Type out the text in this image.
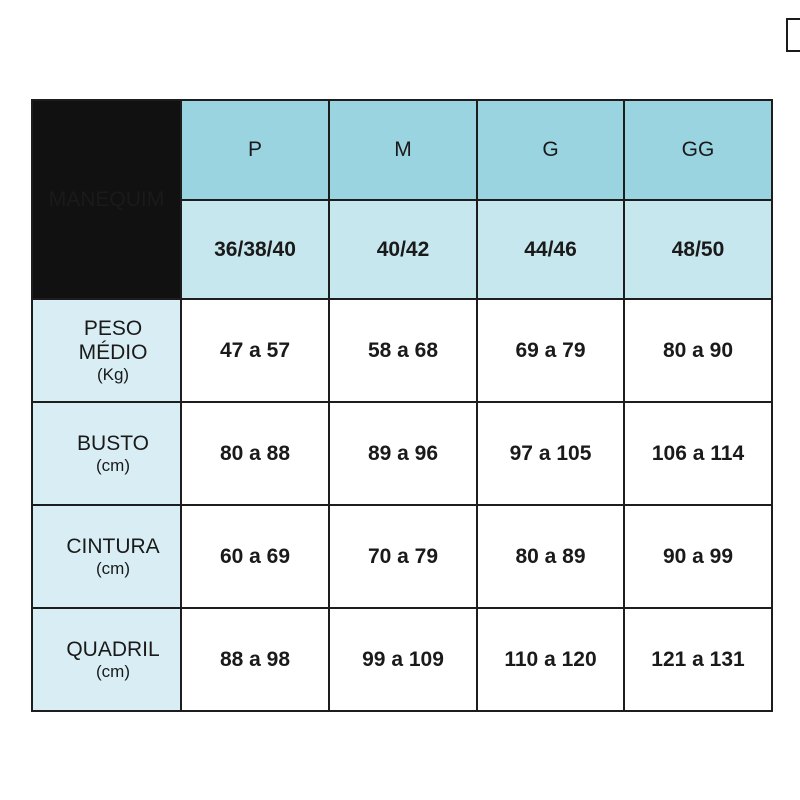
MANEQUIM	P	M	G	GG
	36/38/40	40/42	44/46	48/50
PESO MÉDIO
(Kg)	47 a 57	58 a 68	69 a 79	80 a 90
BUSTO
(cm)	80 a 88	89 a 96	97 a 105	106 a 114
CINTURA
(cm)	60 a 69	70 a 79	80 a 89	90 a 99
QUADRIL
(cm)	88 a 98	99 a 109	110 a 120	121 a 131
